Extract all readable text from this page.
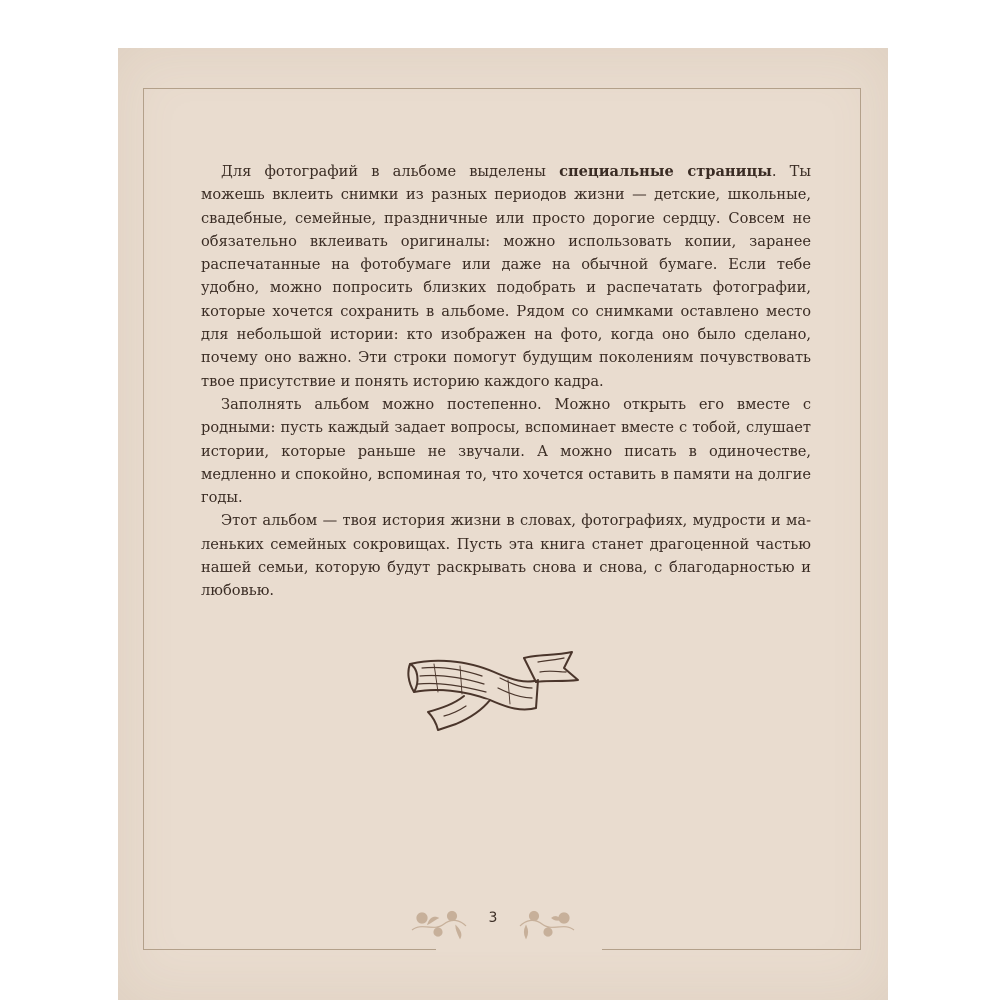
Для фотографий в альбоме выделены специальные страницы. Ты можешь вклеить снимки из разных периодов жизни — детские, школьные, свадебные, семейные, праздничные или просто дорогие сердцу. Совсем не обязательно вклеивать оригиналы: можно использовать копии, заранее распечатанные на фотобумаге или даже на обычной бумаге. Если тебе удобно, можно попросить близких подобрать и распечатать фотографии, которые хочется сохранить в альбоме. Рядом со снимками оставлено место для небольшой истории: кто изображен на фото, когда оно было сделано, почему оно важно. Эти строки помогут будущим поколениям почувствовать твое присутствие и понять историю каждого кадра.

Заполнять альбом можно постепенно. Можно открыть его вместе с родными: пусть каждый задает вопросы, вспоминает вместе с тобой, слушает истории, которые раньше не звучали. А можно писать в одиночестве, медленно и спокойно, вспоминая то, что хочется оставить в памяти на долгие годы.

Этот альбом — твоя история жизни в словах, фотографиях, мудрости и маленьких семейных сокровищах. Пусть эта книга станет драгоценной частью нашей семьи, которую будут раскрывать снова и снова, с благодарностью и любовью.

3
